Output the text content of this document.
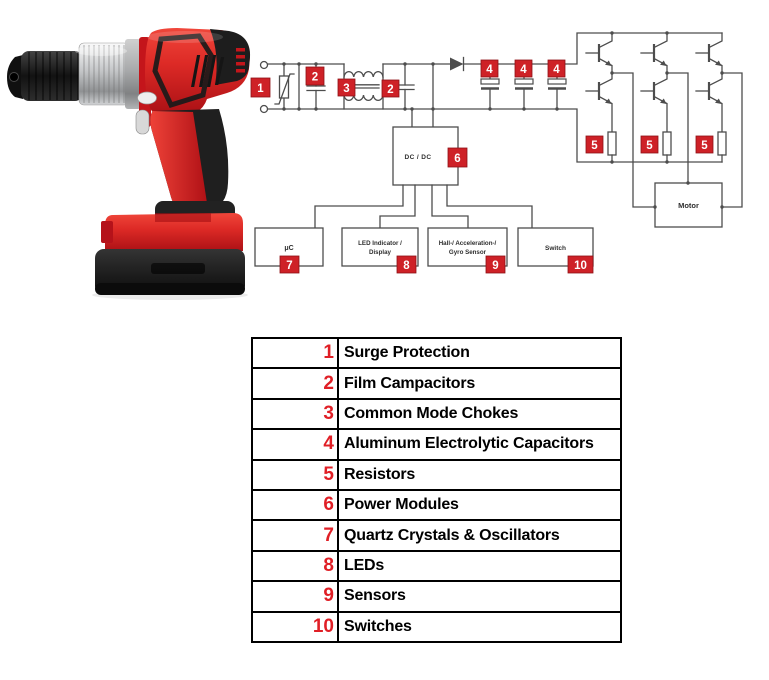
DC / DC
μC
LED Indicator /
Display
Hall-/ Acceleration-/
Gyro Sensor
Switch
Motor
1
2
3	2
4 4 4
6
5	5	5
7	8	9	10
1	Surge Protection
2	Film Campacitors
3	Common Mode Chokes
4	Aluminum Electrolytic Capacitors
5	Resistors
6	Power Modules
7	Quartz Crystals & Oscillators
8	LEDs
9	Sensors
10	Switches
